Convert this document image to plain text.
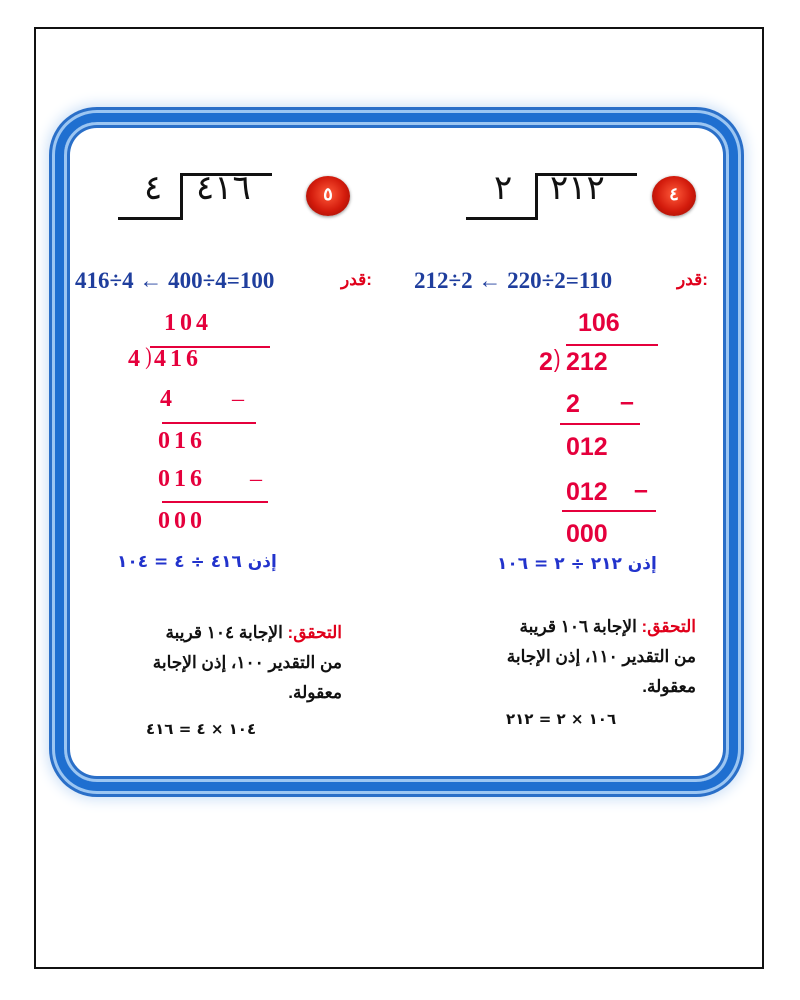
٤
٢ ٢١٢
قدر:
212÷2 ← 220÷2=110
106
2 ) 212
2 –
012
012 –
000
إذن ٢١٢ ÷ ٢ = ١٠٦
التحقق: الإجابة ١٠٦ قريبة
من التقدير ١١٠، إذن الإجابة
معقولة.
١٠٦ × ٢ = ٢١٢
٥
٤ ٤١٦
قدر:
416÷4 ← 400÷4=100
104
4 ) 416
4 –
016
016 –
000
إذن ٤١٦ ÷ ٤ = ١٠٤
التحقق: الإجابة ١٠٤ قريبة
من التقدير ١٠٠، إذن الإجابة
معقولة.
١٠٤ × ٤ = ٤١٦
